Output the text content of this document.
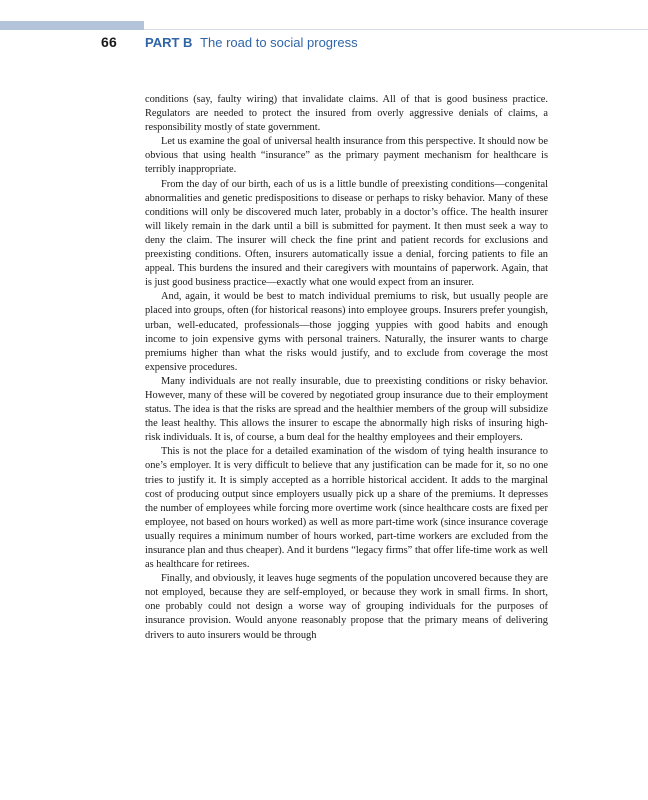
66 PART B The road to social progress

conditions (say, faulty wiring) that invalidate claims. All of that is good business practice. Regulators are needed to protect the insured from overly aggressive denials of claims, a responsibility mostly of state government.

Let us examine the goal of universal health insurance from this perspective. It should now be obvious that using health “insurance” as the primary payment mechanism for healthcare is terribly inappropriate.

From the day of our birth, each of us is a little bundle of preexisting conditions—congenital abnormalities and genetic predispositions to disease or perhaps to risky behavior. Many of these conditions will only be discovered much later, probably in a doctor’s office. The health insurer will likely remain in the dark until a bill is submitted for payment. It then must seek a way to deny the claim. The insurer will check the fine print and patient records for exclusions and preexisting conditions. Often, insurers automatically issue a denial, forcing patients to file an appeal. This burdens the insured and their caregivers with mountains of paperwork. Again, that is just good business practice—exactly what one would expect from an insurer.

And, again, it would be best to match individual premiums to risk, but usually people are placed into groups, often (for historical reasons) into employee groups. Insurers prefer youngish, urban, well-educated, professionals—those jogging yuppies with good habits and enough income to join expensive gyms with personal trainers. Naturally, the insurer wants to charge premiums higher than what the risks would justify, and to exclude from coverage the most expensive procedures.

Many individuals are not really insurable, due to preexisting conditions or risky behavior. However, many of these will be covered by negotiated group insurance due to their employment status. The idea is that the risks are spread and the healthier members of the group will subsidize the least healthy. This allows the insurer to escape the abnormally high risks of insuring high-risk individuals. It is, of course, a bum deal for the healthy employees and their employers.

This is not the place for a detailed examination of the wisdom of tying health insurance to one’s employer. It is very difficult to believe that any justification can be made for it, so no one tries to justify it. It is simply accepted as a horrible historical accident. It adds to the marginal cost of producing output since employers usually pick up a share of the premiums. It depresses the number of employees while forcing more overtime work (since healthcare costs are fixed per employee, not based on hours worked) as well as more part-time work (since insurance coverage usually requires a minimum number of hours worked, part-time workers are excluded from the insurance plan and thus cheaper). And it burdens “legacy firms” that offer life-time work as well as healthcare for retirees.

Finally, and obviously, it leaves huge segments of the population uncovered because they are not employed, because they are self-employed, or because they work in small firms. In short, one probably could not design a worse way of grouping individuals for the purposes of insurance provision. Would anyone reasonably propose that the primary means of delivering drivers to auto insurers would be through
